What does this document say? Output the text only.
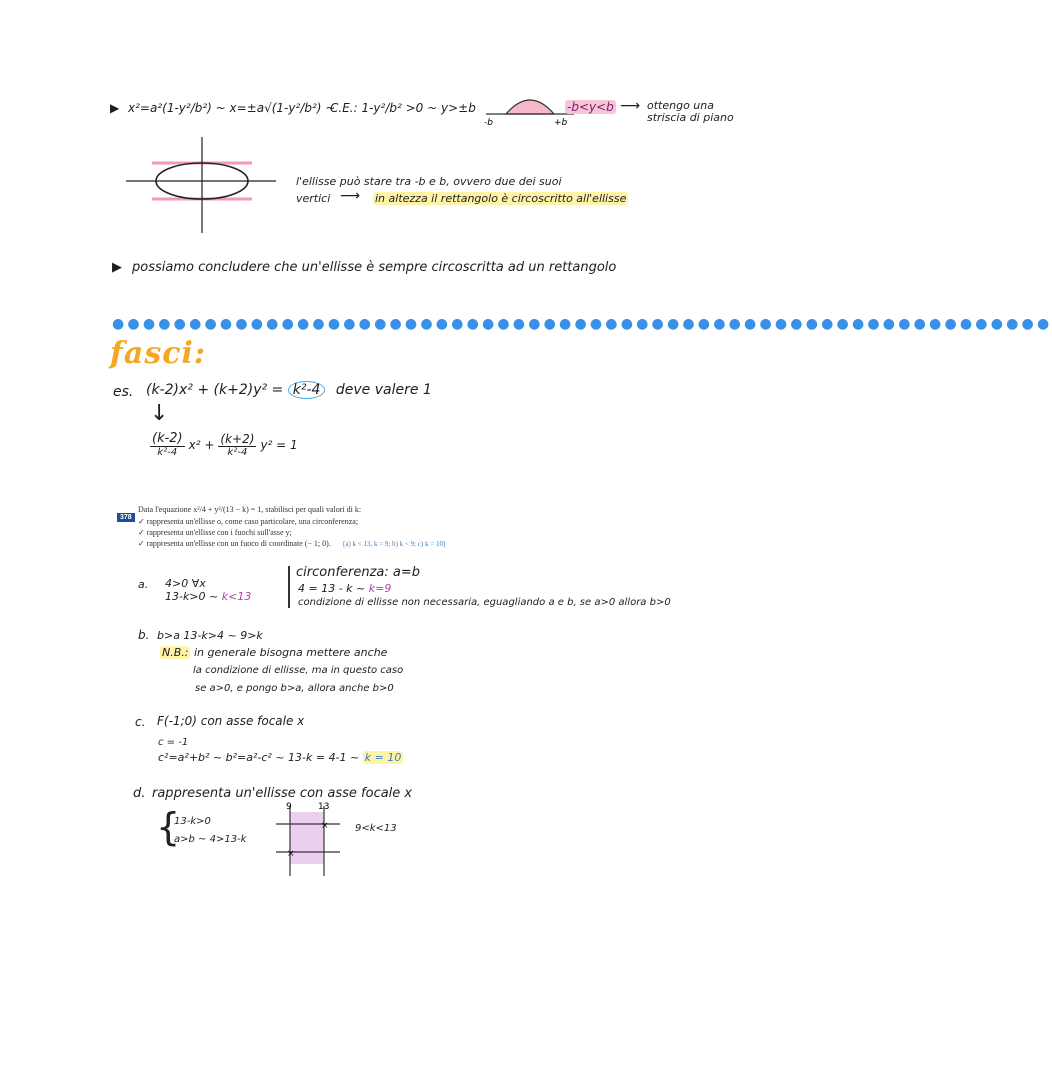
▶ x²=a²(1-y²/b²) ~ x=±a√(1-y²/b²) ~
C.E.: 1-y²/b² >0 ~ y>±b
-b	+b
-b<y<b ⟶ ottengo una striscia di piano
l'ellisse può stare tra -b e b, ovvero due dei suoi
vertici ⟶ in altezza il rettangolo è circoscritto all'ellisse
▶ possiamo concludere che un'ellisse è sempre circoscritta ad un rettangolo
●●●●●●●●●●●●●●●●●●●●●●●●●●●●●●●●●●●●●●●●●●●●●●●●●●●●●●●●●●●●●
fasci:
es. (k-2)x² + (k+2)y² = k²-4 deve valere 1
↓
(k-2)
k²-4
x² + (k+2)
k²-4
y² = 1
378
Data l'equazione x²/4 + y²/(13 − k) = 1, stabilisci per quali valori di k:
✓ rappresenta un'ellisse o, come caso particolare, una circonferenza;
✓ rappresenta un'ellisse con i fuochi sull'asse y;
✓ rappresenta un'ellisse con un fuoco di coordinate (− 1; 0). [a) k < 13, k = 9; b) k < 9; c) k = 10]
a. 4>0 ∀x
13-k>0 ~ k<13
circonferenza: a=b
4 = 13 - k ~ k=9
condizione di ellisse non necessaria, eguagliando a e b, se a>0 allora b>0
b. b>a 13-k>4 ~ 9>k
N.B.: in generale bisogna mettere anche
la condizione di ellisse, ma in questo caso
se a>0, e pongo b>a, allora anche b>0
c. F(-1;0) con asse focale x
c = -1
c²=a²+b² ~ b²=a²-c² ~ 13-k = 4-1 ~ k = 10
d. rappresenta un'ellisse con asse focale x
{
13-k>0
a>b ~ 4>13-k
9	13
×
×
9<k<13
